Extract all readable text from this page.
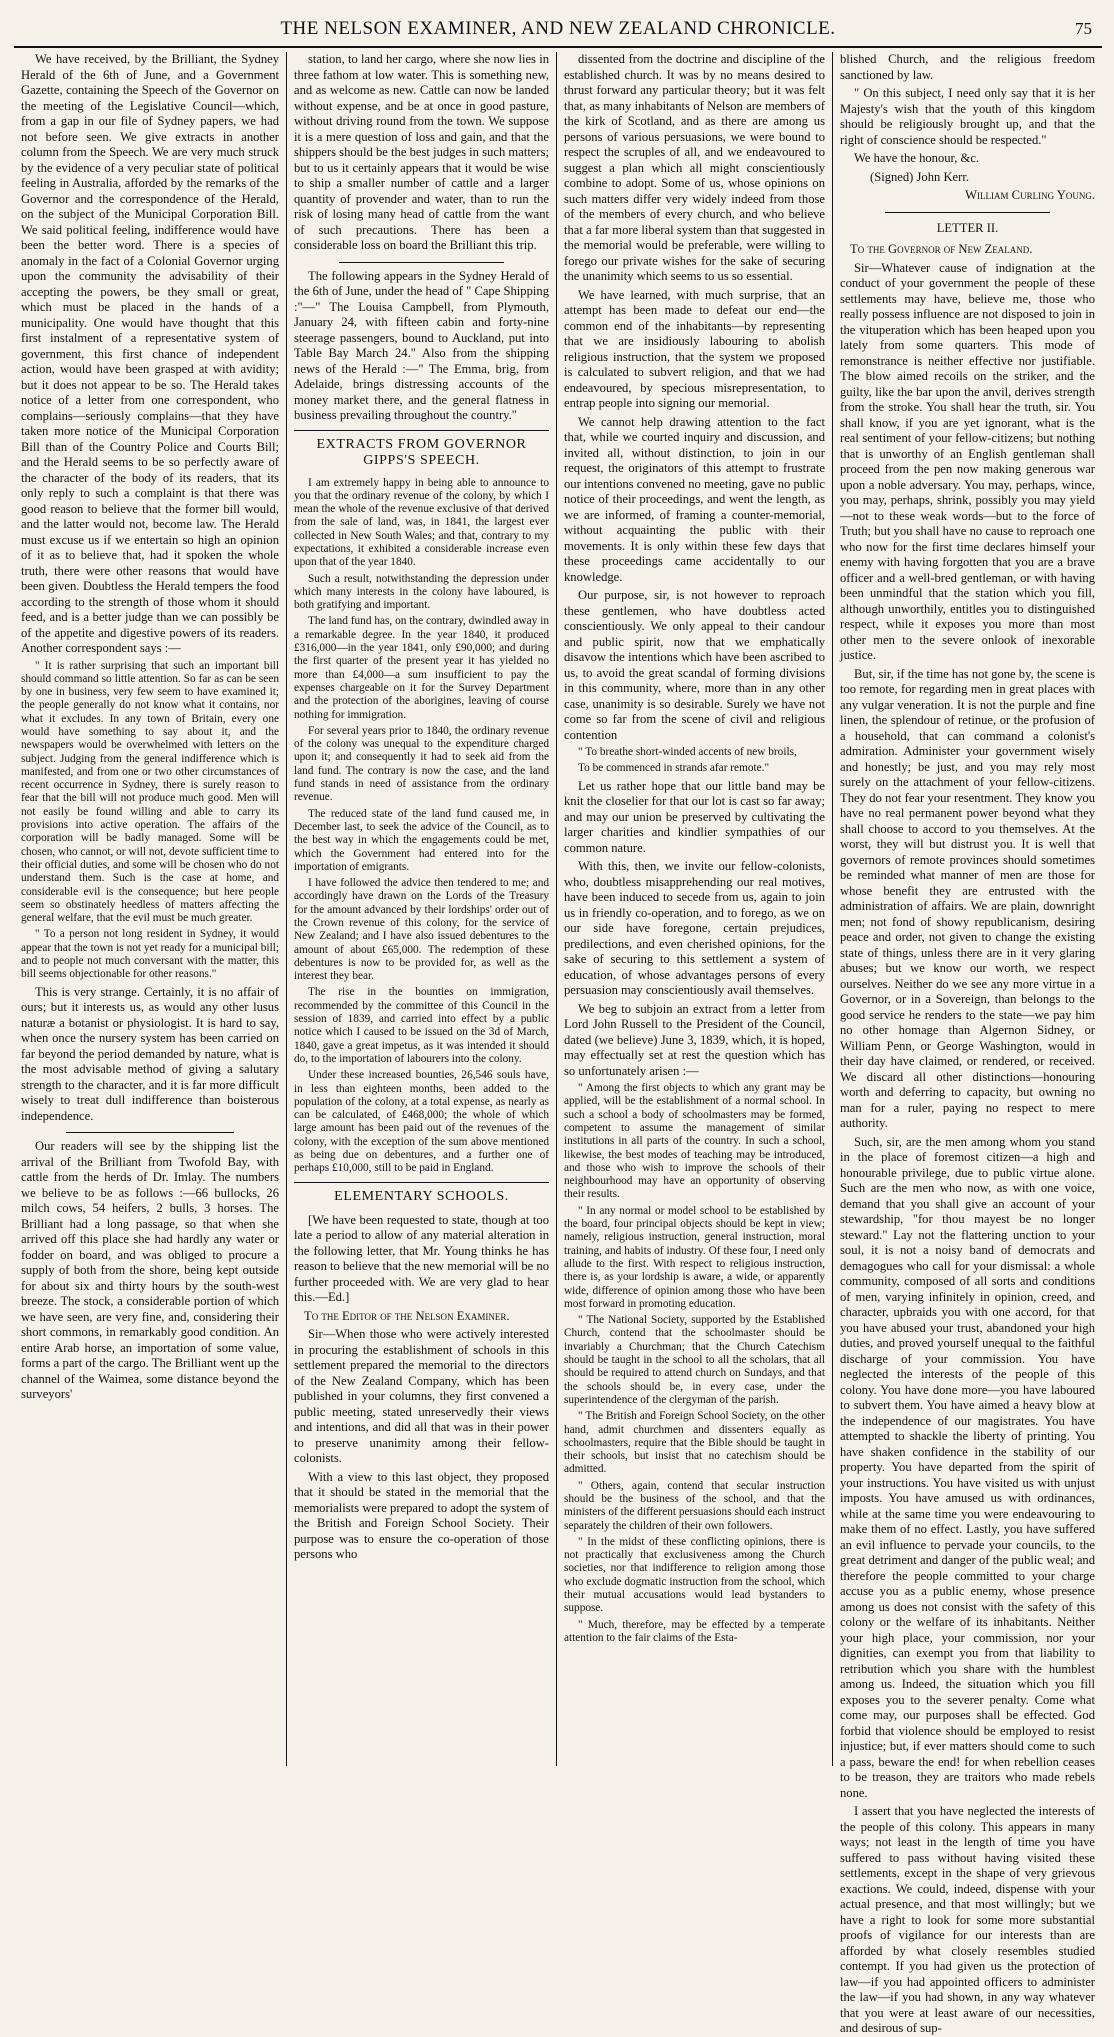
THE NELSON EXAMINER, AND NEW ZEALAND CHRONICLE.	75

We have received, by the Brilliant, the Sydney Herald of the 6th of June, and a Government Gazette, containing the Speech of the Governor on the meeting of the Legislative Council—which, from a gap in our file of Sydney papers, we had not before seen. We give extracts in another column from the Speech. We are very much struck by the evidence of a very peculiar state of political feeling in Australia, afforded by the remarks of the Governor and the correspondence of the Herald, on the subject of the Municipal Corporation Bill. We said political feeling, indifference would have been the better word. There is a species of anomaly in the fact of a Colonial Governor urging upon the community the advisability of their accepting the powers, be they small or great, which must be placed in the hands of a municipality. One would have thought that this first instalment of a representative system of government, this first chance of independent action, would have been grasped at with avidity; but it does not appear to be so. The Herald takes notice of a letter from one correspondent, who complains—seriously complains—that they have taken more notice of the Municipal Corporation Bill than of the Country Police and Courts Bill; and the Herald seems to be so perfectly aware of the character of the body of its readers, that its only reply to such a complaint is that there was good reason to believe that the former bill would, and the latter would not, become law. The Herald must excuse us if we entertain so high an opinion of it as to believe that, had it spoken the whole truth, there were other reasons that would have been given. Doubtless the Herald tempers the food according to the strength of those whom it should feed, and is a better judge than we can possibly be of the appetite and digestive powers of its readers. Another correspondent says :—

" It is rather surprising that such an important bill should command so little attention. So far as can be seen by one in business, very few seem to have examined it; the people generally do not know what it contains, nor what it excludes. In any town of Britain, every one would have something to say about it, and the newspapers would be overwhelmed with letters on the subject. Judging from the general indifference which is manifested, and from one or two other circumstances of recent occurrence in Sydney, there is surely reason to fear that the bill will not produce much good. Men will not easily be found willing and able to carry its provisions into active operation. The affairs of the corporation will be badly managed. Some will be chosen, who cannot, or will not, devote sufficient time to their official duties, and some will be chosen who do not understand them. Such is the case at home, and considerable evil is the consequence; but here people seem so obstinately heedless of matters affecting the general welfare, that the evil must be much greater.

" To a person not long resident in Sydney, it would appear that the town is not yet ready for a municipal bill; and to people not much conversant with the matter, this bill seems objectionable for other reasons."

This is very strange. Certainly, it is no affair of ours; but it interests us, as would any other lusus naturæ a botanist or physiologist. It is hard to say, when once the nursery system has been carried on far beyond the period demanded by nature, what is the most advisable method of giving a salutary strength to the character, and it is far more difficult wisely to treat dull indifference than boisterous independence.

Our readers will see by the shipping list the arrival of the Brilliant from Twofold Bay, with cattle from the herds of Dr. Imlay. The numbers we believe to be as follows :—66 bullocks, 26 milch cows, 54 heifers, 2 bulls, 3 horses. The Brilliant had a long passage, so that when she arrived off this place she had hardly any water or fodder on board, and was obliged to procure a supply of both from the shore, being kept outside for about six and thirty hours by the south-west breeze. The stock, a considerable portion of which we have seen, are very fine, and, considering their short commons, in remarkably good condition. An entire Arab horse, an importation of some value, forms a part of the cargo. The Brilliant went up the channel of the Waimea, some distance beyond the surveyors'

station, to land her cargo, where she now lies in three fathom at low water. This is something new, and as welcome as new. Cattle can now be landed without expense, and be at once in good pasture, without driving round from the town. We suppose it is a mere question of loss and gain, and that the shippers should be the best judges in such matters; but to us it certainly appears that it would be wise to ship a smaller number of cattle and a larger quantity of provender and water, than to run the risk of losing many head of cattle from the want of such precautions. There has been a considerable loss on board the Brilliant this trip.

The following appears in the Sydney Herald of the 6th of June, under the head of " Cape Shipping :"—" The Louisa Campbell, from Plymouth, January 24, with fifteen cabin and forty-nine steerage passengers, bound to Auckland, put into Table Bay March 24." Also from the shipping news of the Herald :—" The Emma, brig, from Adelaide, brings distressing accounts of the money market there, and the general flatness in business prevailing throughout the country."

EXTRACTS FROM GOVERNOR GIPPS'S SPEECH.

I am extremely happy in being able to announce to you that the ordinary revenue of the colony, by which I mean the whole of the revenue exclusive of that derived from the sale of land, was, in 1841, the largest ever collected in New South Wales; and that, contrary to my expectations, it exhibited a considerable increase even upon that of the year 1840.

Such a result, notwithstanding the depression under which many interests in the colony have laboured, is both gratifying and important.

The land fund has, on the contrary, dwindled away in a remarkable degree. In the year 1840, it produced £316,000—in the year 1841, only £90,000; and during the first quarter of the present year it has yielded no more than £4,000—a sum insufficient to pay the expenses chargeable on it for the Survey Department and the protection of the aborigines, leaving of course nothing for immigration.

For several years prior to 1840, the ordinary revenue of the colony was unequal to the expenditure charged upon it; and consequently it had to seek aid from the land fund. The contrary is now the case, and the land fund stands in need of assistance from the ordinary revenue.

The reduced state of the land fund caused me, in December last, to seek the advice of the Council, as to the best way in which the engagements could be met, which the Government had entered into for the importation of emigrants.

I have followed the advice then tendered to me; and accordingly have drawn on the Lords of the Treasury for the amount advanced by their lordships' order out of the Crown revenue of this colony, for the service of New Zealand; and I have also issued debentures to the amount of about £65,000. The redemption of these debentures is now to be provided for, as well as the interest they bear.

The rise in the bounties on immigration, recommended by the committee of this Council in the session of 1839, and carried into effect by a public notice which I caused to be issued on the 3d of March, 1840, gave a great impetus, as it was intended it should do, to the importation of labourers into the colony.

Under these increased bounties, 26,546 souls have, in less than eighteen months, been added to the population of the colony, at a total expense, as nearly as can be calculated, of £468,000; the whole of which large amount has been paid out of the revenues of the colony, with the exception of the sum above mentioned as being due on debentures, and a further one of perhaps £10,000, still to be paid in England.

ELEMENTARY SCHOOLS.

[We have been requested to state, though at too late a period to allow of any material alteration in the following letter, that Mr. Young thinks he has reason to believe that the new memorial will be no further proceeded with. We are very glad to hear this.—Ed.]

To the Editor of the Nelson Examiner.

Sir—When those who were actively interested in procuring the establishment of schools in this settlement prepared the memorial to the directors of the New Zealand Company, which has been published in your columns, they first convened a public meeting, stated unreservedly their views and intentions, and did all that was in their power to preserve unanimity among their fellow-colonists.

With a view to this last object, they proposed that it should be stated in the memorial that the memorialists were prepared to adopt the system of the British and Foreign School Society. Their purpose was to ensure the co-operation of those persons who

dissented from the doctrine and discipline of the established church. It was by no means desired to thrust forward any particular theory; but it was felt that, as many inhabitants of Nelson are members of the kirk of Scotland, and as there are among us persons of various persuasions, we were bound to respect the scruples of all, and we endeavoured to suggest a plan which all might conscientiously combine to adopt. Some of us, whose opinions on such matters differ very widely indeed from those of the members of every church, and who believe that a far more liberal system than that suggested in the memorial would be preferable, were willing to forego our private wishes for the sake of securing the unanimity which seems to us so essential.

We have learned, with much surprise, that an attempt has been made to defeat our end—the common end of the inhabitants—by representing that we are insidiously labouring to abolish religious instruction, that the system we proposed is calculated to subvert religion, and that we had endeavoured, by specious misrepresentation, to entrap people into signing our memorial.

We cannot help drawing attention to the fact that, while we courted inquiry and discussion, and invited all, without distinction, to join in our request, the originators of this attempt to frustrate our intentions convened no meeting, gave no public notice of their proceedings, and went the length, as we are informed, of framing a counter-memorial, without acquainting the public with their movements. It is only within these few days that these proceedings came accidentally to our knowledge.

Our purpose, sir, is not however to reproach these gentlemen, who have doubtless acted conscientiously. We only appeal to their candour and public spirit, now that we emphatically disavow the intentions which have been ascribed to us, to avoid the great scandal of forming divisions in this community, where, more than in any other case, unanimity is so desirable. Surely we have not come so far from the scene of civil and religious contention

" To breathe short-winded accents of new broils,

To be commenced in strands afar remote."

Let us rather hope that our little band may be knit the closelier for that our lot is cast so far away; and may our union be preserved by cultivating the larger charities and kindlier sympathies of our common nature.

With this, then, we invite our fellow-colonists, who, doubtless misapprehending our real motives, have been induced to secede from us, again to join us in friendly co-operation, and to forego, as we on our side have foregone, certain prejudices, predilections, and even cherished opinions, for the sake of securing to this settlement a system of education, of whose advantages persons of every persuasion may conscientiously avail themselves.

We beg to subjoin an extract from a letter from Lord John Russell to the President of the Council, dated (we believe) June 3, 1839, which, it is hoped, may effectually set at rest the question which has so unfortunately arisen :—

" Among the first objects to which any grant may be applied, will be the establishment of a normal school. In such a school a body of schoolmasters may be formed, competent to assume the management of similar institutions in all parts of the country. In such a school, likewise, the best modes of teaching may be introduced, and those who wish to improve the schools of their neighbourhood may have an opportunity of observing their results.

" In any normal or model school to be established by the board, four principal objects should be kept in view; namely, religious instruction, general instruction, moral training, and habits of industry. Of these four, I need only allude to the first. With respect to religious instruction, there is, as your lordship is aware, a wide, or apparently wide, difference of opinion among those who have been most forward in promoting education.

" The National Society, supported by the Established Church, contend that the schoolmaster should be invariably a Churchman; that the Church Catechism should be taught in the school to all the scholars, that all should be required to attend church on Sundays, and that the schools should be, in every case, under the superintendence of the clergyman of the parish.

" The British and Foreign School Society, on the other hand, admit churchmen and dissenters equally as schoolmasters, require that the Bible should be taught in their schools, but insist that no catechism should be admitted.

" Others, again, contend that secular instruction should be the business of the school, and that the ministers of the different persuasions should each instruct separately the children of their own followers.

" In the midst of these conflicting opinions, there is not practically that exclusiveness among the Church societies, nor that indifference to religion among those who exclude dogmatic instruction from the school, which their mutual accusations would lead bystanders to suppose.

" Much, therefore, may be effected by a temperate attention to the fair claims of the Esta-

blished Church, and the religious freedom sanctioned by law.

" On this subject, I need only say that it is her Majesty's wish that the youth of this kingdom should be religiously brought up, and that the right of conscience should be respected."

We have the honour, &c.

(Signed) John Kerr.

William Curling Young.

LETTER II.

To the Governor of New Zealand.

Sir—Whatever cause of indignation at the conduct of your government the people of these settlements may have, believe me, those who really possess influence are not disposed to join in the vituperation which has been heaped upon you lately from some quarters. This mode of remonstrance is neither effective nor justifiable. The blow aimed recoils on the striker, and the guilty, like the bar upon the anvil, derives strength from the stroke. You shall hear the truth, sir. You shall know, if you are yet ignorant, what is the real sentiment of your fellow-citizens; but nothing that is unworthy of an English gentleman shall proceed from the pen now making generous war upon a noble adversary. You may, perhaps, wince, you may, perhaps, shrink, possibly you may yield—not to these weak words—but to the force of Truth; but you shall have no cause to reproach one who now for the first time declares himself your enemy with having forgotten that you are a brave officer and a well-bred gentleman, or with having been unmindful that the station which you fill, although unworthily, entitles you to distinguished respect, while it exposes you more than most other men to the severe onlook of inexorable justice.

But, sir, if the time has not gone by, the scene is too remote, for regarding men in great places with any vulgar veneration. It is not the purple and fine linen, the splendour of retinue, or the profusion of a household, that can command a colonist's admiration. Administer your government wisely and honestly; be just, and you may rely most surely on the attachment of your fellow-citizens. They do not fear your resentment. They know you have no real permanent power beyond what they shall choose to accord to you themselves. At the worst, they will but distrust you. It is well that governors of remote provinces should sometimes be reminded what manner of men are those for whose benefit they are entrusted with the administration of affairs. We are plain, downright men; not fond of showy republicanism, desiring peace and order, not given to change the existing state of things, unless there are in it very glaring abuses; but we know our worth, we respect ourselves. Neither do we see any more virtue in a Governor, or in a Sovereign, than belongs to the good service he renders to the state—we pay him no other homage than Algernon Sidney, or William Penn, or George Washington, would in their day have claimed, or rendered, or received. We discard all other distinctions—honouring worth and deferring to capacity, but owning no man for a ruler, paying no respect to mere authority.

Such, sir, are the men among whom you stand in the place of foremost citizen—a high and honourable privilege, due to public virtue alone. Such are the men who now, as with one voice, demand that you shall give an account of your stewardship, "for thou mayest be no longer steward." Lay not the flattering unction to your soul, it is not a noisy band of democrats and demagogues who call for your dismissal: a whole community, composed of all sorts and conditions of men, varying infinitely in opinion, creed, and character, upbraids you with one accord, for that you have abused your trust, abandoned your high duties, and proved yourself unequal to the faithful discharge of your commission. You have neglected the interests of the people of this colony. You have done more—you have laboured to subvert them. You have aimed a heavy blow at the independence of our magistrates. You have attempted to shackle the liberty of printing. You have shaken confidence in the stability of our property. You have departed from the spirit of your instructions. You have visited us with unjust imposts. You have amused us with ordinances, while at the same time you were endeavouring to make them of no effect. Lastly, you have suffered an evil influence to pervade your councils, to the great detriment and danger of the public weal; and therefore the people committed to your charge accuse you as a public enemy, whose presence among us does not consist with the safety of this colony or the welfare of its inhabitants. Neither your high place, your commission, nor your dignities, can exempt you from that liability to retribution which you share with the humblest among us. Indeed, the situation which you fill exposes you to the severer penalty. Come what come may, our purposes shall be effected. God forbid that violence should be employed to resist injustice; but, if ever matters should come to such a pass, beware the end! for when rebellion ceases to be treason, they are traitors who made rebels none.

I assert that you have neglected the interests of the people of this colony. This appears in many ways; not least in the length of time you have suffered to pass without having visited these settlements, except in the shape of very grievous exactions. We could, indeed, dispense with your actual presence, and that most willingly; but we have a right to look for some more substantial proofs of vigilance for our interests than are afforded by what closely resembles studied contempt. If you had given us the protection of law—if you had appointed officers to administer the law—if you had shown, in any way whatever that you were at least aware of our necessities, and desirous of sup-
